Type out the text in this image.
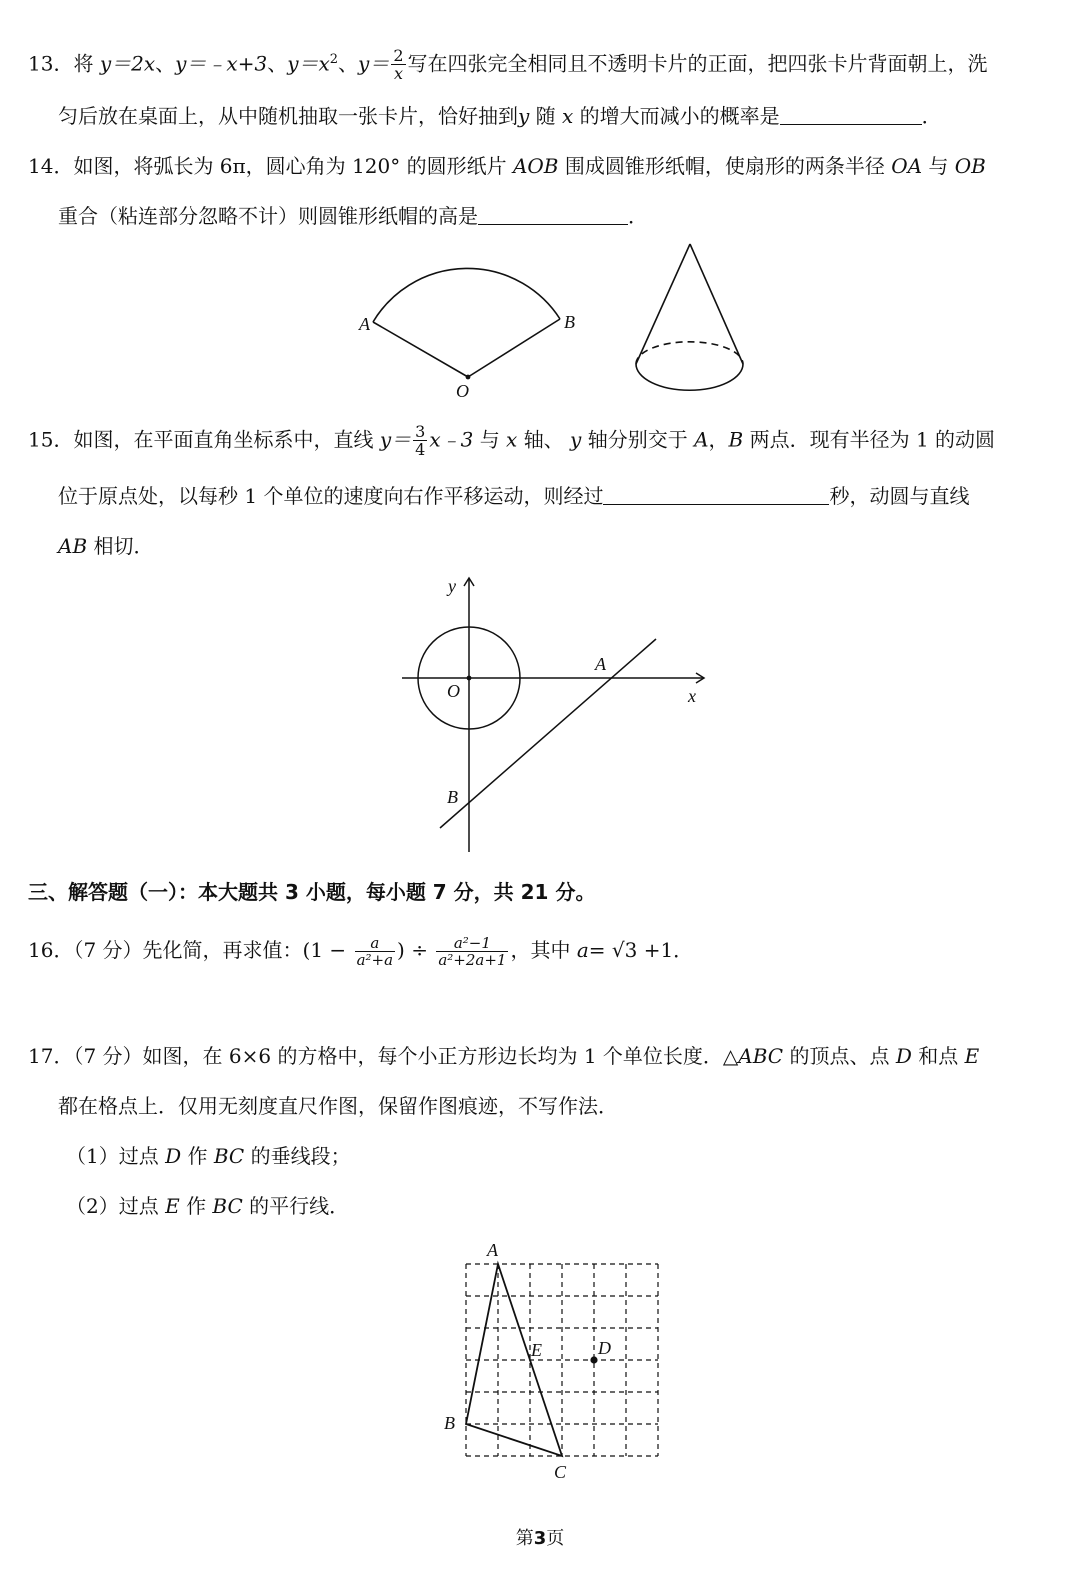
13．将 y＝2x、y＝﹣x+3、$y=x^2$、$y= \frac{2}{x}$ 写在四张完全相同且不透明卡片的正面，把四张卡片背面朝上，洗
匀后放在桌面上，从中随机抽取一张卡片，恰好抽到y 随 x 的增大而减小的概率是	．
14．如图，将弧长为 6π，圆心角为 120° 的圆形纸片 AOB 围成圆锥形纸帽，使扇形的两条半径 OA 与 OB
重合（粘连部分忽略不计）则圆锥形纸帽的高是	．
A	B
O
15．如图，在平面直角坐标系中，直线 $y= \frac{3}{4}$ x﹣3 与 x 轴、 y 轴分别交于 A，B 两点．现有半径为 1 的动圆
位于原点处，以每秒 1 个单位的速度向右作平移运动，则经过	秒，动圆与直线
AB 相切．
y
x
O
A
B
三、解答题（一）：本大题共 3 小题，每小题 7 分，共 21 分。
16．（7 分）先化简，再求值：($1 - \frac{a}{\text{a²+a}}$ ) ÷ $\frac{\text{a²−1}}{\text{a²+2a+1}}$ ，其中 a= √3 +1．
17．（7 分）如图，在 6×6 的方格中，每个小正方形边长均为 1 个单位长度．△ABC 的顶点、点 D 和点 E
都在格点上．仅用无刻度直尺作图，保留作图痕迹，不写作法．
（1）过点 D 作 BC 的垂线段；
（2）过点 E 作 BC 的平行线．
A
B
C
D
E
第3页
